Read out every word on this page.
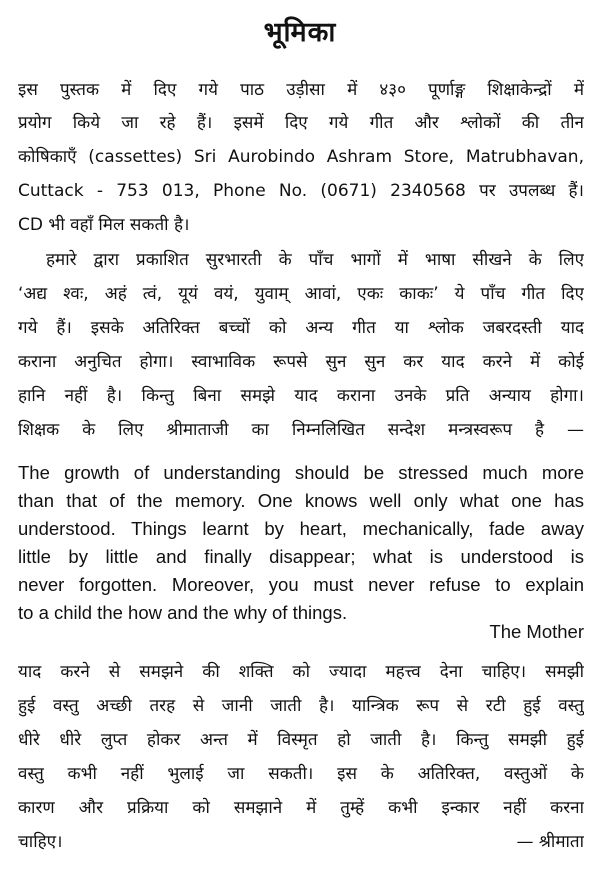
भूमिका
इस पुस्तक में दिए गये पाठ उड़ीसा में ४३० पूर्णाङ्ग शिक्षाकेन्द्रों में
प्रयोग किये जा रहे हैं। इसमें दिए गये गीत और श्लोकों की तीन
कोषिकाएँ (cassettes) Sri Aurobindo Ashram Store, Matrubhavan,
Cuttack - 753 013, Phone No. (0671) 2340568 पर उपलब्ध हैं।
CD भी वहाँ मिल सकती है।
हमारे द्वारा प्रकाशित सुरभारती के पाँच भागों में भाषा सीखने के लिए
‘अद्य श्वः, अहं त्वं, यूयं वयं, युवाम् आवां, एकः काकः’ ये पाँच गीत दिए
गये हैं। इसके अतिरिक्त बच्चों को अन्य गीत या श्लोक जबरदस्ती याद
कराना अनुचित होगा। स्वाभाविक रूपसे सुन सुन कर याद करने में कोई
हानि नहीं है। किन्तु बिना समझे याद कराना उनके प्रति अन्याय होगा।
शिक्षक के लिए श्रीमाताजी का निम्नलिखित सन्देश मन्त्रस्वरूप है —
The growth of understanding should be stressed much more
than that of the memory. One knows well only what one has
understood. Things learnt by heart, mechanically, fade away
little by little and finally disappear; what is understood is
never forgotten. Moreover, you must never refuse to explain
to a child the how and the why of things.
The Mother
याद करने से समझने की शक्ति को ज्यादा महत्त्व देना चाहिए। समझी
हुई वस्तु अच्छी तरह से जानी जाती है। यान्त्रिक रूप से रटी हुई वस्तु
धीरे धीरे लुप्त होकर अन्त में विस्मृत हो जाती है। किन्तु समझी हुई
वस्तु कभी नहीं भुलाई जा सकती। इस के अतिरिक्त, वस्तुओं के
कारण और प्रक्रिया को समझाने में तुम्हें कभी इन्कार नहीं करना
चाहिए।	— श्रीमाता
